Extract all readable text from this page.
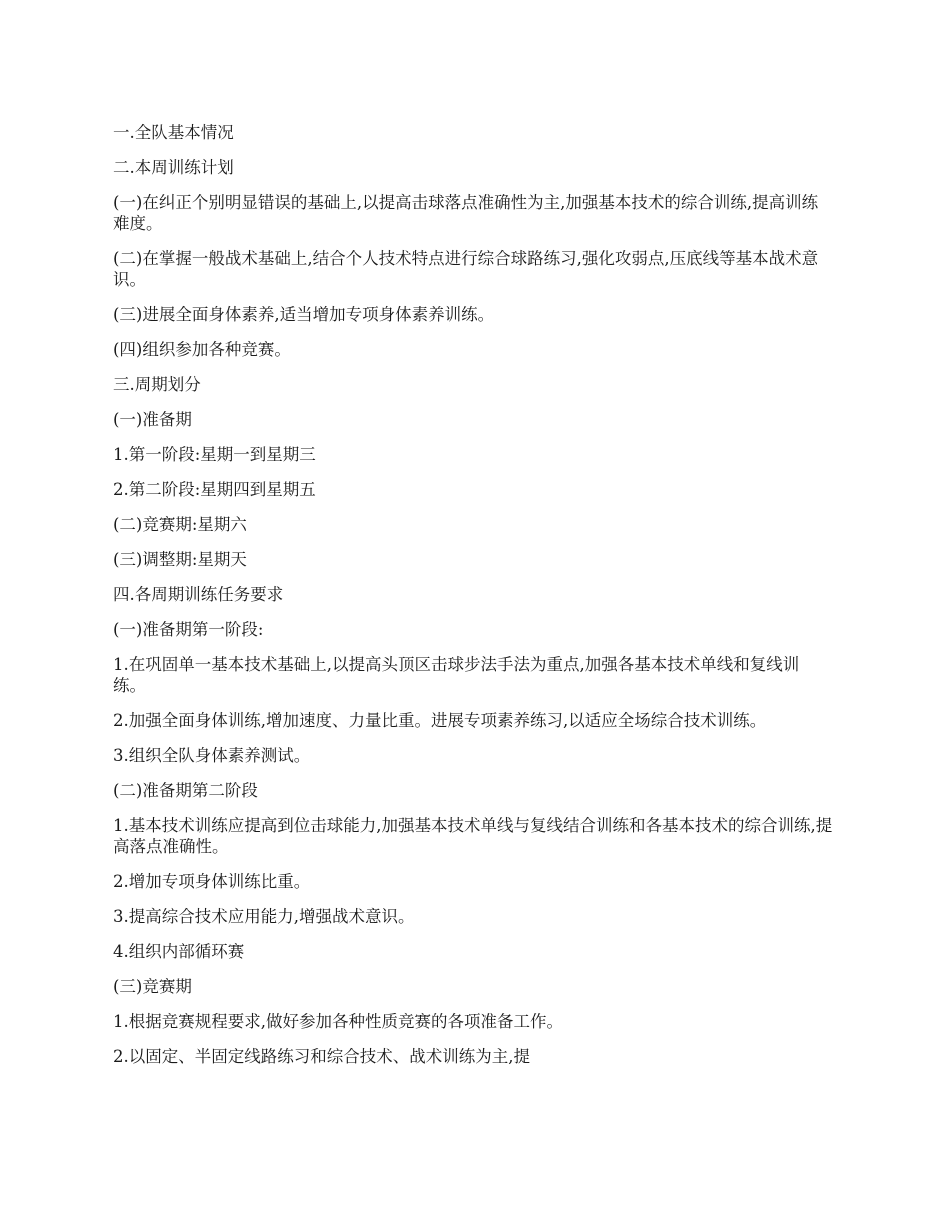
一.全队基本情况

二.本周训练计划

(一)在纠正个别明显错误的基础上,以提高击球落点准确性为主,加强基本技术的综合训练,提高训练难度。

(二)在掌握一般战术基础上,结合个人技术特点进行综合球路练习,强化攻弱点,压底线等基本战术意识。

(三)进展全面身体素养,适当增加专项身体素养训练。

(四)组织参加各种竞赛。

三.周期划分

(一)准备期

1.第一阶段:星期一到星期三

2.第二阶段:星期四到星期五

(二)竞赛期:星期六

(三)调整期:星期天

四.各周期训练任务要求

(一)准备期第一阶段:

1.在巩固单一基本技术基础上,以提高头顶区击球步法手法为重点,加强各基本技术单线和复线训练。

2.加强全面身体训练,增加速度、力量比重。进展专项素养练习,以适应全场综合技术训练。

3.组织全队身体素养测试。

(二)准备期第二阶段

1.基本技术训练应提高到位击球能力,加强基本技术单线与复线结合训练和各基本技术的综合训练,提高落点准确性。

2.增加专项身体训练比重。

3.提高综合技术应用能力,增强战术意识。

4.组织内部循环赛

(三)竞赛期

1.根据竞赛规程要求,做好参加各种性质竞赛的各项准备工作。

2.以固定、半固定线路练习和综合技术、战术训练为主,提
